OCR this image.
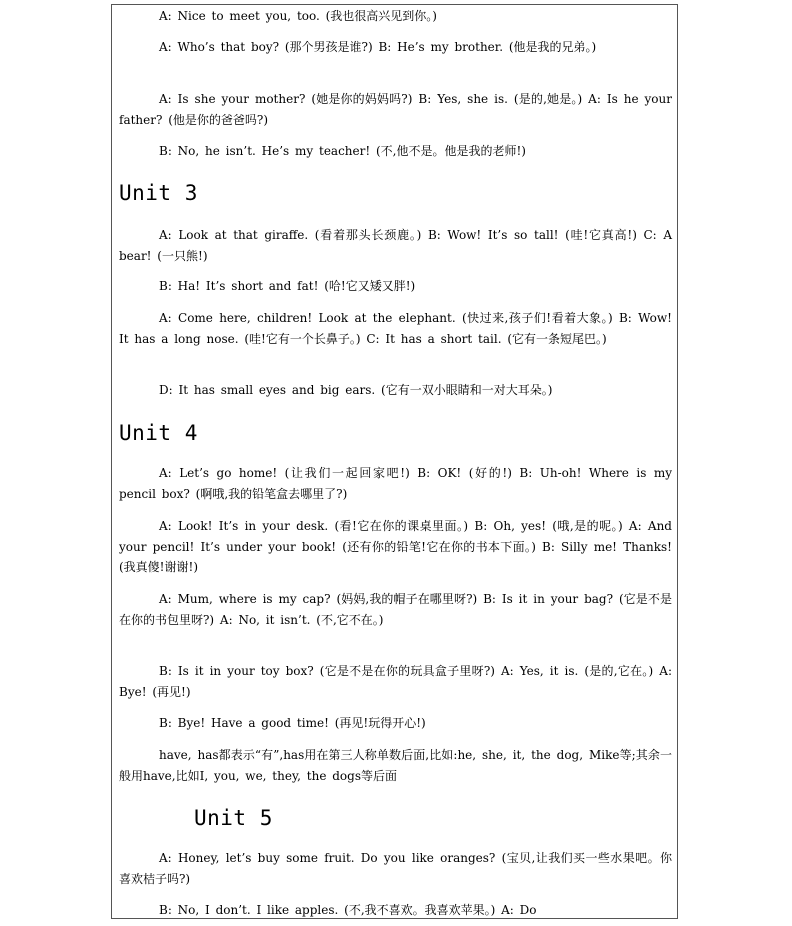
A: Nice to meet you, too. (我也很高兴见到你。)
A: Who’s that boy? (那个男孩是谁?) B: He’s my brother. (他是我的兄弟。)
A: Is she your mother? (她是你的妈妈吗?) B: Yes, she is. (是的,她是。) A: Is he your father? (他是你的爸爸吗?)
B: No, he isn’t. He’s my teacher! (不,他不是。他是我的老师!)
Unit 3
A: Look at that giraffe. (看着那头长颈鹿。) B: Wow! It’s so tall! (哇!它真高!) C: A bear! (一只熊!)
B: Ha! It’s short and fat! (哈!它又矮又胖!)
A: Come here, children! Look at the elephant. (快过来,孩子们!看着大象。) B: Wow! It has a long nose. (哇!它有一个长鼻子。) C: It has a short tail. (它有一条短尾巴。)
D: It has small eyes and big ears. (它有一双小眼睛和一对大耳朵。)
Unit 4
A: Let’s go home! (让我们一起回家吧!) B: OK! (好的!) B: Uh-oh! Where is my pencil box? (啊哦,我的铅笔盒去哪里了?)
A: Look! It’s in your desk. (看!它在你的课桌里面。) B: Oh, yes! (哦,是的呢。) A: And your pencil! It’s under your book! (还有你的铅笔!它在你的书本下面。) B: Silly me! Thanks! (我真傻!谢谢!)
A: Mum, where is my cap? (妈妈,我的帽子在哪里呀?) B: Is it in your bag? (它是不是在你的书包里呀?) A: No, it isn’t. (不,它不在。)
B: Is it in your toy box? (它是不是在你的玩具盒子里呀?) A: Yes, it is. (是的,它在。) A: Bye! (再见!)
B: Bye! Have a good time! (再见!玩得开心!)
have, has都表示“有”,has用在第三人称单数后面,比如:he, she, it, the dog, Mike等;其余一般用have,比如I, you, we, they, the dogs等后面
Unit 5
A: Honey, let’s buy some fruit. Do you like oranges? (宝贝,让我们买一些水果吧。你喜欢桔子吗?)
B: No, I don’t. I like apples. (不,我不喜欢。我喜欢苹果。) A: Do
